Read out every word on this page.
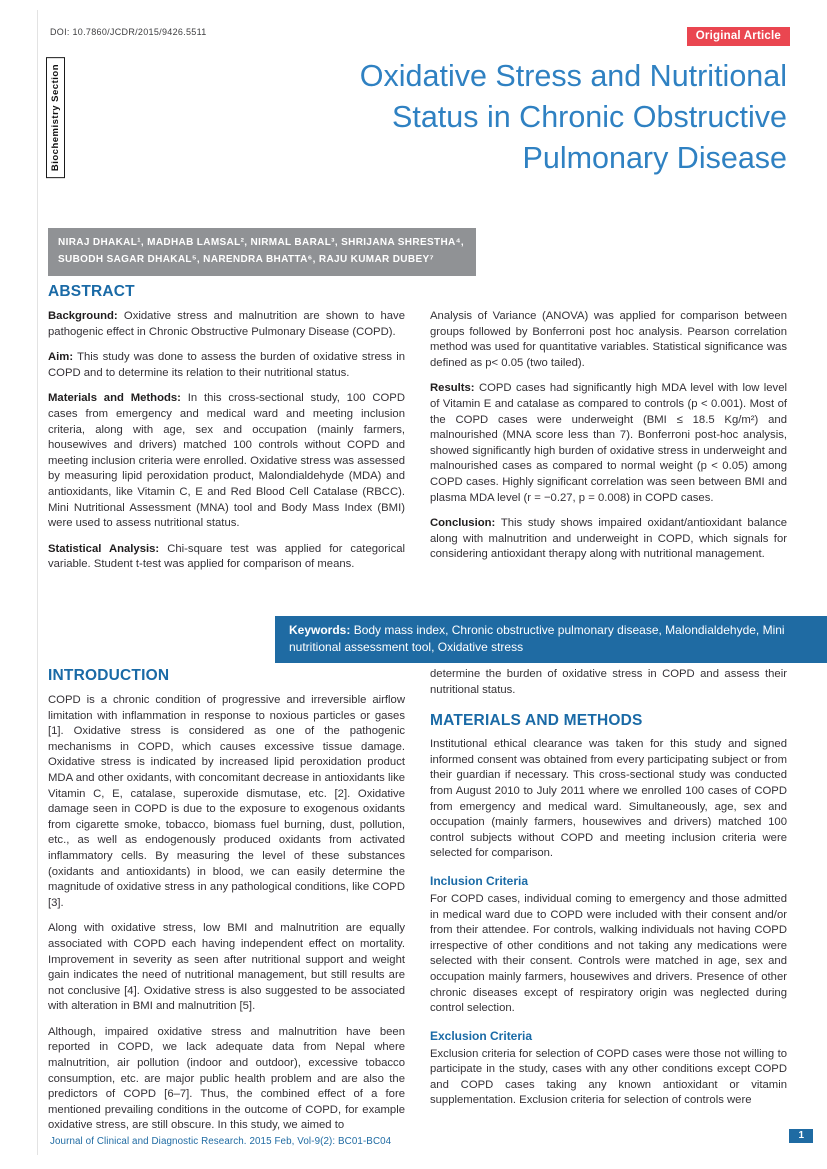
DOI: 10.7860/JCDR/2015/9426.5511	Original Article
Biochemistry Section	Oxidative Stress and Nutritional
Status in Chronic Obstructive
Pulmonary Disease
NIRAJ DHAKAL¹, MADHAB LAMSAL², NIRMAL BARAL³, SHRIJANA SHRESTHA⁴, SUBODH SAGAR DHAKAL⁵, NARENDRA BHATTA⁶, RAJU KUMAR DUBEY⁷
ABSTRACT

Background: Oxidative stress and malnutrition are shown to have pathogenic effect in Chronic Obstructive Pulmonary Disease (COPD).

Aim: This study was done to assess the burden of oxidative stress in COPD and to determine its relation to their nutritional status.

Materials and Methods: In this cross-sectional study, 100 COPD cases from emergency and medical ward and meeting inclusion criteria, along with age, sex and occupation (mainly farmers, housewives and drivers) matched 100 controls without COPD and meeting inclusion criteria were enrolled. Oxidative stress was assessed by measuring lipid peroxidation product, Malondialdehyde (MDA) and antioxidants, like Vitamin C, E and Red Blood Cell Catalase (RBCC). Mini Nutritional Assessment (MNA) tool and Body Mass Index (BMI) were used to assess nutritional status.

Statistical Analysis: Chi-square test was applied for categorical variable. Student t-test was applied for comparison of means.

Analysis of Variance (ANOVA) was applied for comparison between groups followed by Bonferroni post hoc analysis. Pearson correlation method was used for quantitative variables. Statistical significance was defined as p< 0.05 (two tailed).

Results: COPD cases had significantly high MDA level with low level of Vitamin E and catalase as compared to controls (p < 0.001). Most of the COPD cases were underweight (BMI ≤ 18.5 Kg/m²) and malnourished (MNA score less than 7). Bonferroni post-hoc analysis, showed significantly high burden of oxidative stress in underweight and malnourished cases as compared to normal weight (p < 0.05) among COPD cases. Highly significant correlation was seen between BMI and plasma MDA level (r = −0.27, p = 0.008) in COPD cases.

Conclusion: This study shows impaired oxidant/antioxidant balance along with malnutrition and underweight in COPD, which signals for considering antioxidant therapy along with nutritional management.

Keywords: Body mass index, Chronic obstructive pulmonary disease, Malondialdehyde, Mini nutritional assessment tool, Oxidative stress
INTRODUCTION

COPD is a chronic condition of progressive and irreversible airflow limitation with inflammation in response to noxious particles or gases [1]. Oxidative stress is considered as one of the pathogenic mechanisms in COPD, which causes excessive tissue damage. Oxidative stress is indicated by increased lipid peroxidation product MDA and other oxidants, with concomitant decrease in antioxidants like Vitamin C, E, catalase, superoxide dismutase, etc. [2]. Oxidative damage seen in COPD is due to the exposure to exogenous oxidants from cigarette smoke, tobacco, biomass fuel burning, dust, pollution, etc., as well as endogenously produced oxidants from activated inflammatory cells. By measuring the level of these substances (oxidants and antioxidants) in blood, we can easily determine the magnitude of oxidative stress in any pathological conditions, like COPD [3].

Along with oxidative stress, low BMI and malnutrition are equally associated with COPD each having independent effect on mortality. Improvement in severity as seen after nutritional support and weight gain indicates the need of nutritional management, but still results are not conclusive [4]. Oxidative stress is also suggested to be associated with alteration in BMI and malnutrition [5].

Although, impaired oxidative stress and malnutrition have been reported in COPD, we lack adequate data from Nepal where malnutrition, air pollution (indoor and outdoor), excessive tobacco consumption, etc. are major public health problem and are also the predictors of COPD [6–7]. Thus, the combined effect of a fore mentioned prevailing conditions in the outcome of COPD, for example oxidative stress, are still obscure. In this study, we aimed to

determine the burden of oxidative stress in COPD and assess their nutritional status.

MATERIALS AND METHODS

Institutional ethical clearance was taken for this study and signed informed consent was obtained from every participating subject or from their guardian if necessary. This cross-sectional study was conducted from August 2010 to July 2011 where we enrolled 100 cases of COPD from emergency and medical ward. Simultaneously, age, sex and occupation (mainly farmers, housewives and drivers) matched 100 control subjects without COPD and meeting inclusion criteria were selected for comparison.

Inclusion Criteria

For COPD cases, individual coming to emergency and those admitted in medical ward due to COPD were included with their consent and/or from their attendee. For controls, walking individuals not having COPD irrespective of other conditions and not taking any medications were selected with their consent. Controls were matched in age, sex and occupation mainly farmers, housewives and drivers. Presence of other chronic diseases except of respiratory origin was neglected during control selection.

Exclusion Criteria

Exclusion criteria for selection of COPD cases were those not willing to participate in the study, cases with any other conditions except COPD and COPD cases taking any known antioxidant or vitamin supplementation. Exclusion criteria for selection of controls were

Journal of Clinical and Diagnostic Research. 2015 Feb, Vol-9(2): BC01-BC04
1
